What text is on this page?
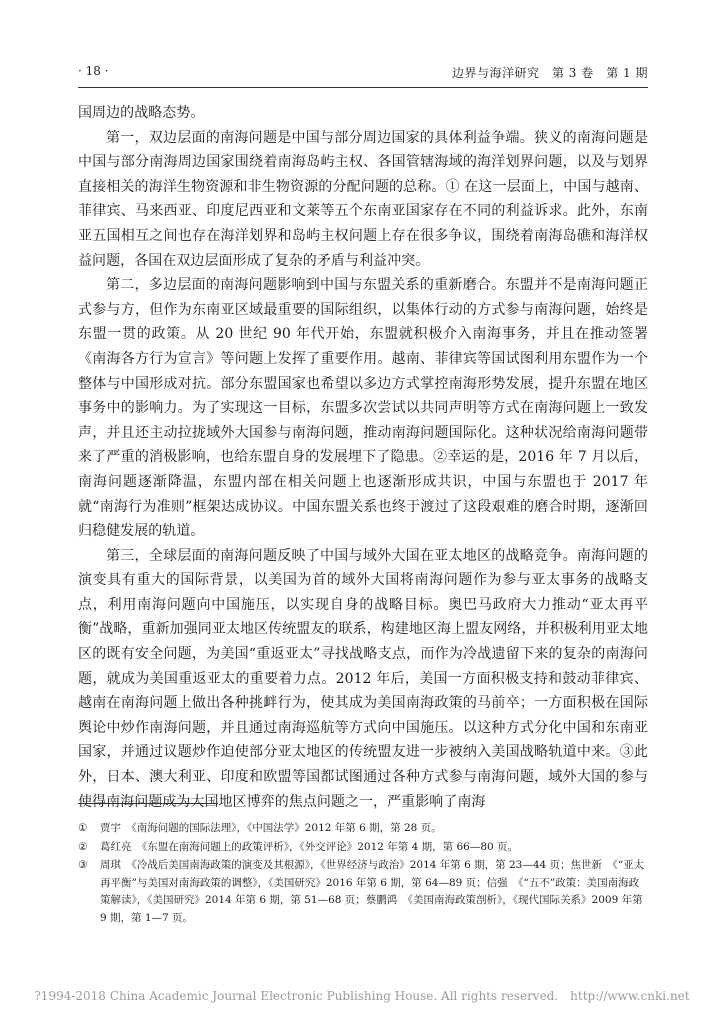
· 18 ·	边界与海洋研究　第 3 卷　第 1 期

国周边的战略态势。

第一，双边层面的南海问题是中国与部分周边国家的具体利益争端。狭义的南海问题是中国与部分南海周边国家围绕着南海岛屿主权、各国管辖海域的海洋划界问题，以及与划界直接相关的海洋生物资源和非生物资源的分配问题的总称。① 在这一层面上，中国与越南、菲律宾、马来西亚、印度尼西亚和文莱等五个东南亚国家存在不同的利益诉求。此外，东南亚五国相互之间也存在海洋划界和岛屿主权问题上存在很多争议，围绕着南海岛礁和海洋权益问题，各国在双边层面形成了复杂的矛盾与利益冲突。

第二，多边层面的南海问题影响到中国与东盟关系的重新磨合。东盟并不是南海问题正式参与方，但作为东南亚区域最重要的国际组织，以集体行动的方式参与南海问题，始终是东盟一贯的政策。从 20 世纪 90 年代开始，东盟就积极介入南海事务，并且在推动签署《南海各方行为宣言》等问题上发挥了重要作用。越南、菲律宾等国试图利用东盟作为一个整体与中国形成对抗。部分东盟国家也希望以多边方式掌控南海形势发展，提升东盟在地区事务中的影响力。为了实现这一目标，东盟多次尝试以共同声明等方式在南海问题上一致发声，并且还主动拉拢域外大国参与南海问题，推动南海问题国际化。这种状况给南海问题带来了严重的消极影响，也给东盟自身的发展埋下了隐患。②幸运的是，2016 年 7 月以后，南海问题逐渐降温，东盟内部在相关问题上也逐渐形成共识，中国与东盟也于 2017 年就“南海行为准则”框架达成协议。中国东盟关系也终于渡过了这段艰难的磨合时期，逐渐回归稳健发展的轨道。

第三，全球层面的南海问题反映了中国与域外大国在亚太地区的战略竞争。南海问题的演变具有重大的国际背景，以美国为首的域外大国将南海问题作为参与亚太事务的战略支点，利用南海问题向中国施压，以实现自身的战略目标。奥巴马政府大力推动“亚太再平衡”战略，重新加强同亚太地区传统盟友的联系，构建地区海上盟友网络，并积极利用亚太地区的既有安全问题，为美国“重返亚太”寻找战略支点，而作为冷战遗留下来的复杂的南海问题，就成为美国重返亚太的重要着力点。2012 年后，美国一方面积极支持和鼓动菲律宾、越南在南海问题上做出各种挑衅行为，使其成为美国南海政策的马前卒；一方面积极在国际舆论中炒作南海问题，并且通过南海巡航等方式向中国施压。以这种方式分化中国和东南亚国家，并通过议题炒作迫使部分亚太地区的传统盟友进一步被纳入美国战略轨道中来。③此外，日本、澳大利亚、印度和欧盟等国都试图通过各种方式参与南海问题，域外大国的参与使得南海问题成为大国地区博弈的焦点问题之一，严重影响了南海

①	贾宇　《南海问题的国际法理》，《中国法学》2012 年第 6 期，第 28 页。
②	葛红亮　《东盟在南海问题上的政策评析》，《外交评论》2012 年第 4 期，第 66—80 页。
③	周琪　《冷战后美国南海政策的演变及其根源》，《世界经济与政治》2014 年第 6 期，第 23—44 页；焦世新　《“亚太再平衡”与美国对南海政策的调整》，《美国研究》2016 年第 6 期，第 64—89 页；信强　《“五不”政策：美国南海政策解读》，《美国研究》2014 年第 6 期，第 51—68 页；蔡鹏鸿　《美国南海政策剖析》，《现代国际关系》2009 年第 9 期，第 1—7 页。
?1994-2018 China Academic Journal Electronic Publishing House. All rights reserved.　http://www.cnki.net
